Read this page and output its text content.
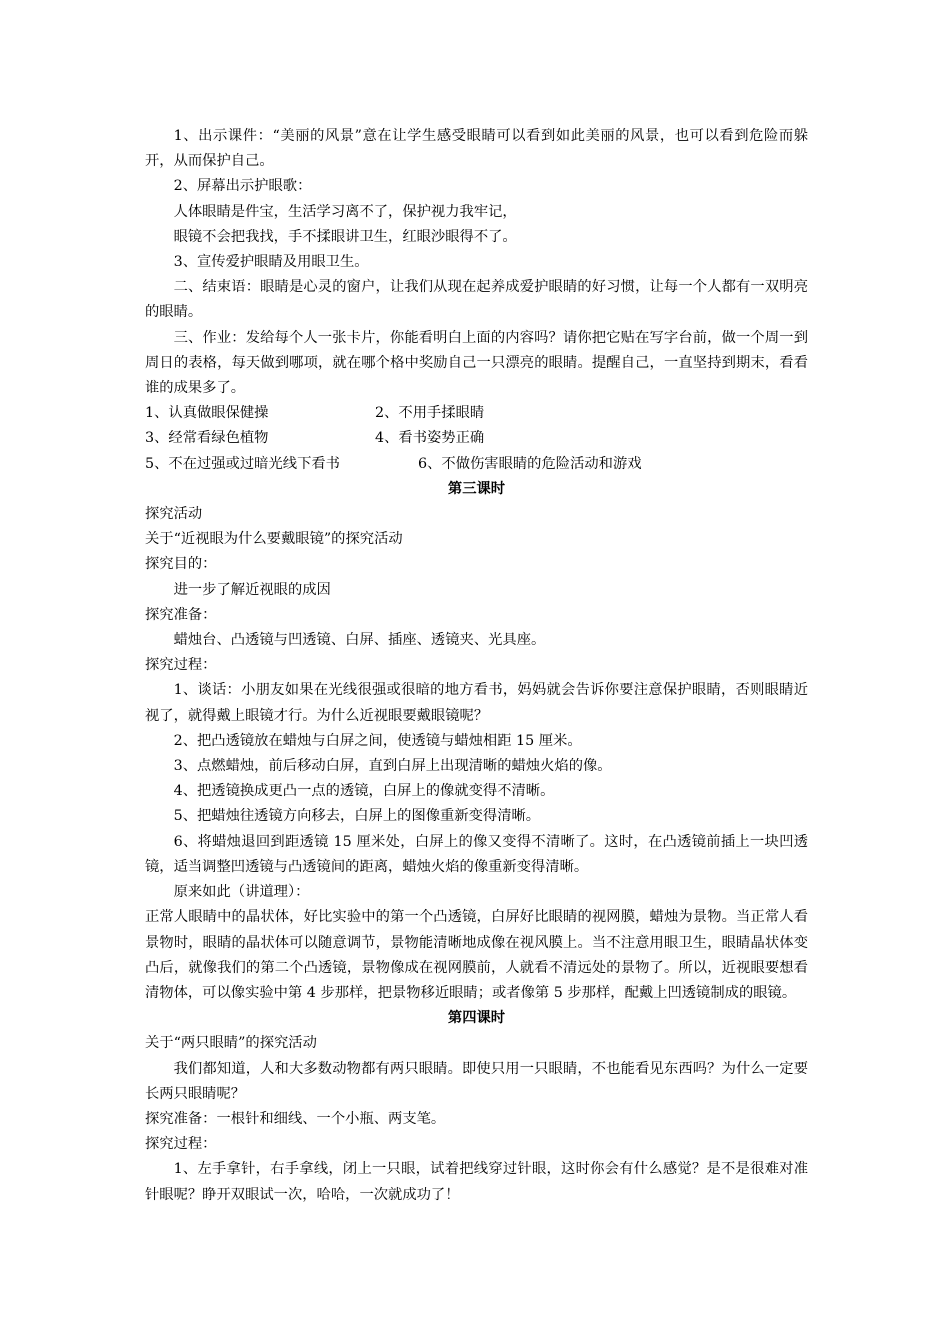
1、出示课件：“美丽的风景”意在让学生感受眼睛可以看到如此美丽的风景，也可以看到危险而躲开，从而保护自己。

2、屏幕出示护眼歌：

人体眼睛是件宝，生活学习离不了，保护视力我牢记，

眼镜不会把我找，手不揉眼讲卫生，红眼沙眼得不了。

3、宣传爱护眼睛及用眼卫生。

二、结束语：眼睛是心灵的窗户，让我们从现在起养成爱护眼睛的好习惯，让每一个人都有一双明亮的眼睛。

三、作业：发给每个人一张卡片，你能看明白上面的内容吗？请你把它贴在写字台前，做一个周一到周日的表格，每天做到哪项，就在哪个格中奖励自己一只漂亮的眼睛。提醒自己，一直坚持到期末，看看谁的成果多了。

1、认真做眼保健操	2、不用手揉眼睛
3、经常看绿色植物	4、看书姿势正确
5、不在过强或过暗光线下看书	6、不做伤害眼睛的危险活动和游戏

第三课时

探究活动

关于“近视眼为什么要戴眼镜”的探究活动

探究目的：

进一步了解近视眼的成因

探究准备：

蜡烛台、凸透镜与凹透镜、白屏、插座、透镜夹、光具座。

探究过程：

1、谈话：小朋友如果在光线很强或很暗的地方看书，妈妈就会告诉你要注意保护眼睛，否则眼睛近视了，就得戴上眼镜才行。为什么近视眼要戴眼镜呢？

2、把凸透镜放在蜡烛与白屏之间，使透镜与蜡烛相距 15 厘米。

3、点燃蜡烛，前后移动白屏，直到白屏上出现清晰的蜡烛火焰的像。

4、把透镜换成更凸一点的透镜，白屏上的像就变得不清晰。

5、把蜡烛往透镜方向移去，白屏上的图像重新变得清晰。

6、将蜡烛退回到距透镜 15 厘米处，白屏上的像又变得不清晰了。这时，在凸透镜前插上一块凹透镜，适当调整凹透镜与凸透镜间的距离，蜡烛火焰的像重新变得清晰。

原来如此（讲道理）：

正常人眼睛中的晶状体，好比实验中的第一个凸透镜，白屏好比眼睛的视网膜，蜡烛为景物。当正常人看景物时，眼睛的晶状体可以随意调节，景物能清晰地成像在视风膜上。当不注意用眼卫生，眼睛晶状体变凸后，就像我们的第二个凸透镜，景物像成在视网膜前，人就看不清远处的景物了。所以，近视眼要想看清物体，可以像实验中第 4 步那样，把景物移近眼睛；或者像第 5 步那样，配戴上凹透镜制成的眼镜。

第四课时

关于“两只眼睛”的探究活动

我们都知道，人和大多数动物都有两只眼睛。即使只用一只眼睛，不也能看见东西吗？为什么一定要长两只眼睛呢？

探究准备：一根针和细线、一个小瓶、两支笔。

探究过程：

1、左手拿针，右手拿线，闭上一只眼，试着把线穿过针眼，这时你会有什么感觉？是不是很难对准针眼呢？睁开双眼试一次，哈哈，一次就成功了！
